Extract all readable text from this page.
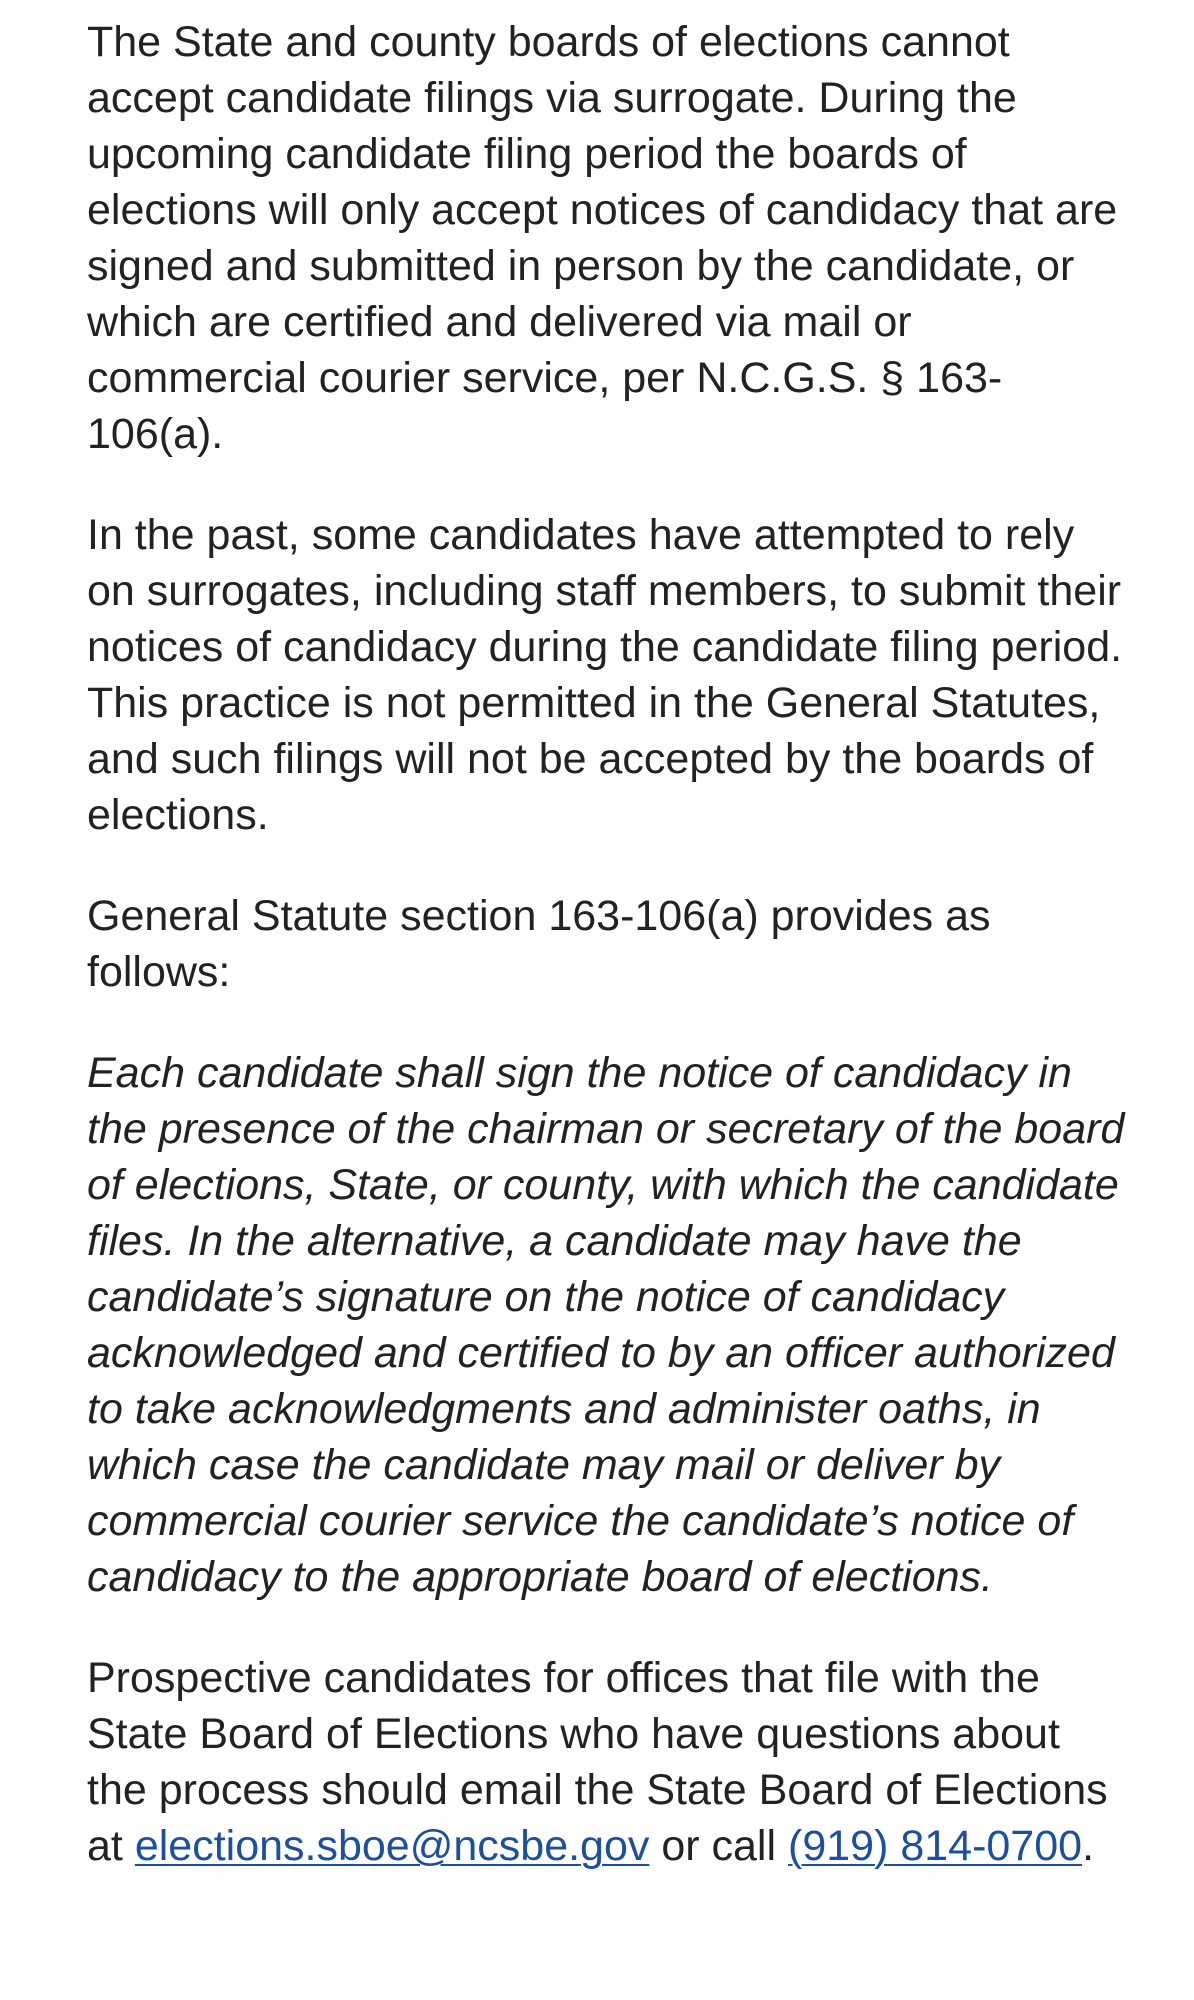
The State and county boards of elections cannot accept candidate filings via surrogate. During the upcoming candidate filing period the boards of elections will only accept notices of candidacy that are signed and submitted in person by the candidate, or which are certified and delivered via mail or commercial courier service, per N.C.G.S. § 163-106(a).

In the past, some candidates have attempted to rely on surrogates, including staff members, to submit their notices of candidacy during the candidate filing period. This practice is not permitted in the General Statutes, and such filings will not be accepted by the boards of elections.

General Statute section 163-106(a) provides as follows:

Each candidate shall sign the notice of candidacy in the presence of the chairman or secretary of the board of elections, State, or county, with which the candidate files. In the alternative, a candidate may have the candidate’s signature on the notice of candidacy acknowledged and certified to by an officer authorized to take acknowledgments and administer oaths, in which case the candidate may mail or deliver by commercial courier service the candidate’s notice of candidacy to the appropriate board of elections.

Prospective candidates for offices that file with the State Board of Elections who have questions about the process should email the State Board of Elections at elections.sboe@ncsbe.gov or call (919) 814-0700.
